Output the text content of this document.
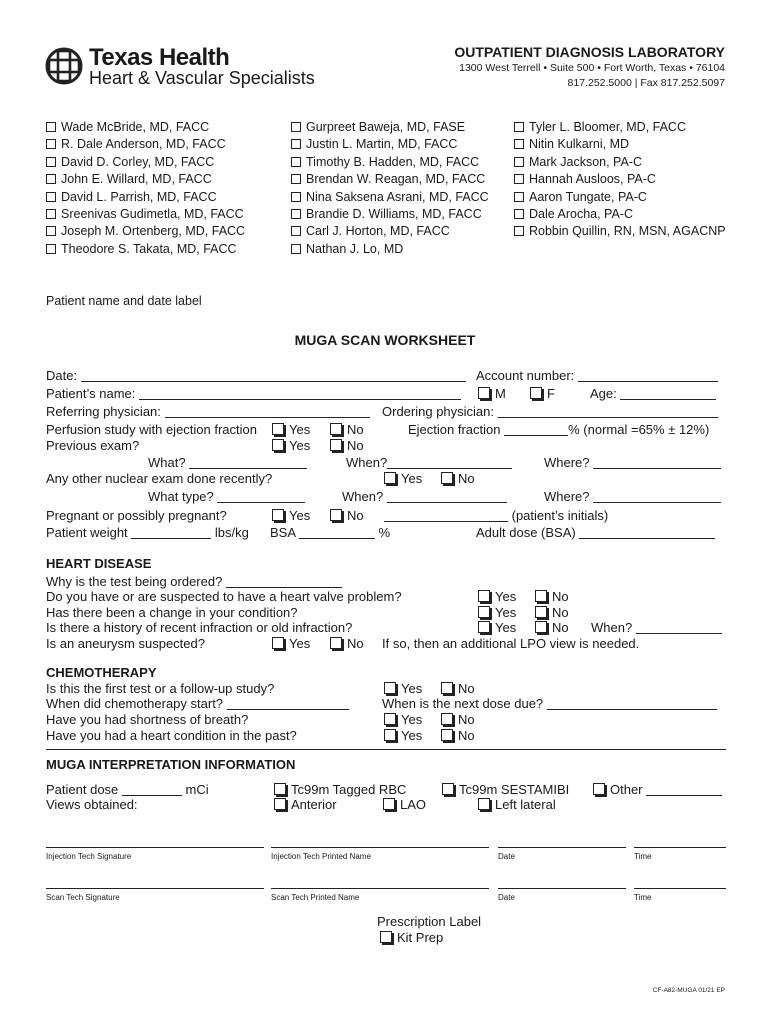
Texas Health
Heart & Vascular Specialists
OUTPATIENT DIAGNOSIS LABORATORY
1300 West Terrell • Suite 500 • Fort Worth, Texas • 76104
817.252.5000 | Fax 817.252.5097
Wade McBride, MD, FACC
R. Dale Anderson, MD, FACC
David D. Corley, MD, FACC
John E. Willard, MD, FACC
David L. Parrish, MD, FACC
Sreenivas Gudimetla, MD, FACC
Joseph M. Ortenberg, MD, FACC
Theodore S. Takata, MD, FACC
Gurpreet Baweja, MD, FASE
Justin L. Martin, MD, FACC
Timothy B. Hadden, MD, FACC
Brendan W. Reagan, MD, FACC
Nina Saksena Asrani, MD, FACC
Brandie D. Williams, MD, FACC
Carl J. Horton, MD, FACC
Nathan J. Lo, MD
Tyler L. Bloomer, MD, FACC
Nitin Kulkarni, MD
Mark Jackson, PA-C
Hannah Ausloos, PA-C
Aaron Tungate, PA-C
Dale Arocha, PA-C
Robbin Quillin, RN, MSN, AGACNP
Patient name and date label
MUGA SCAN WORKSHEET
Date:	Account number:
Patient’s name:	M	F	Age:
Referring physician:	Ordering physician:
Perfusion study with ejection fraction	Yes	No	Ejection fraction	% (normal =65% ± 12%)
Previous exam?	Yes	No
What?	When?	Where?
Any other nuclear exam done recently?	Yes	No
What type?	When?	Where?
Pregnant or possibly pregnant?	Yes	No	(patient’s initials)
Patient weight	lbs/kg BSA	%	Adult dose (BSA)
HEART DISEASE
Why is the test being ordered?
Do you have or are suspected to have a heart valve problem?	Yes	No
Has there been a change in your condition?	Yes	No
Is there a history of recent infraction or old infraction?	Yes	No When?
Is an aneurysm suspected?	Yes	No If so, then an additional LPO view is needed.
CHEMOTHERAPY
Is this the first test or a follow-up study?	Yes	No
When did chemotherapy start?	When is the next dose due?
Have you had shortness of breath?	Yes	No
Have you had a heart condition in the past?	Yes	No
MUGA INTERPRETATION INFORMATION
Patient dose	mCi	Tc99m Tagged RBC	Tc99m SESTAMIBI	Other
Views obtained:	Anterior	LAO	Left lateral
Injection Tech Signature	Injection Tech Printed Name	Date	Time
Scan Tech Signature	Scan Tech Printed Name	Date	Time
Prescription Label
Kit Prep
CF-A82-MUGA 01/21 EP
